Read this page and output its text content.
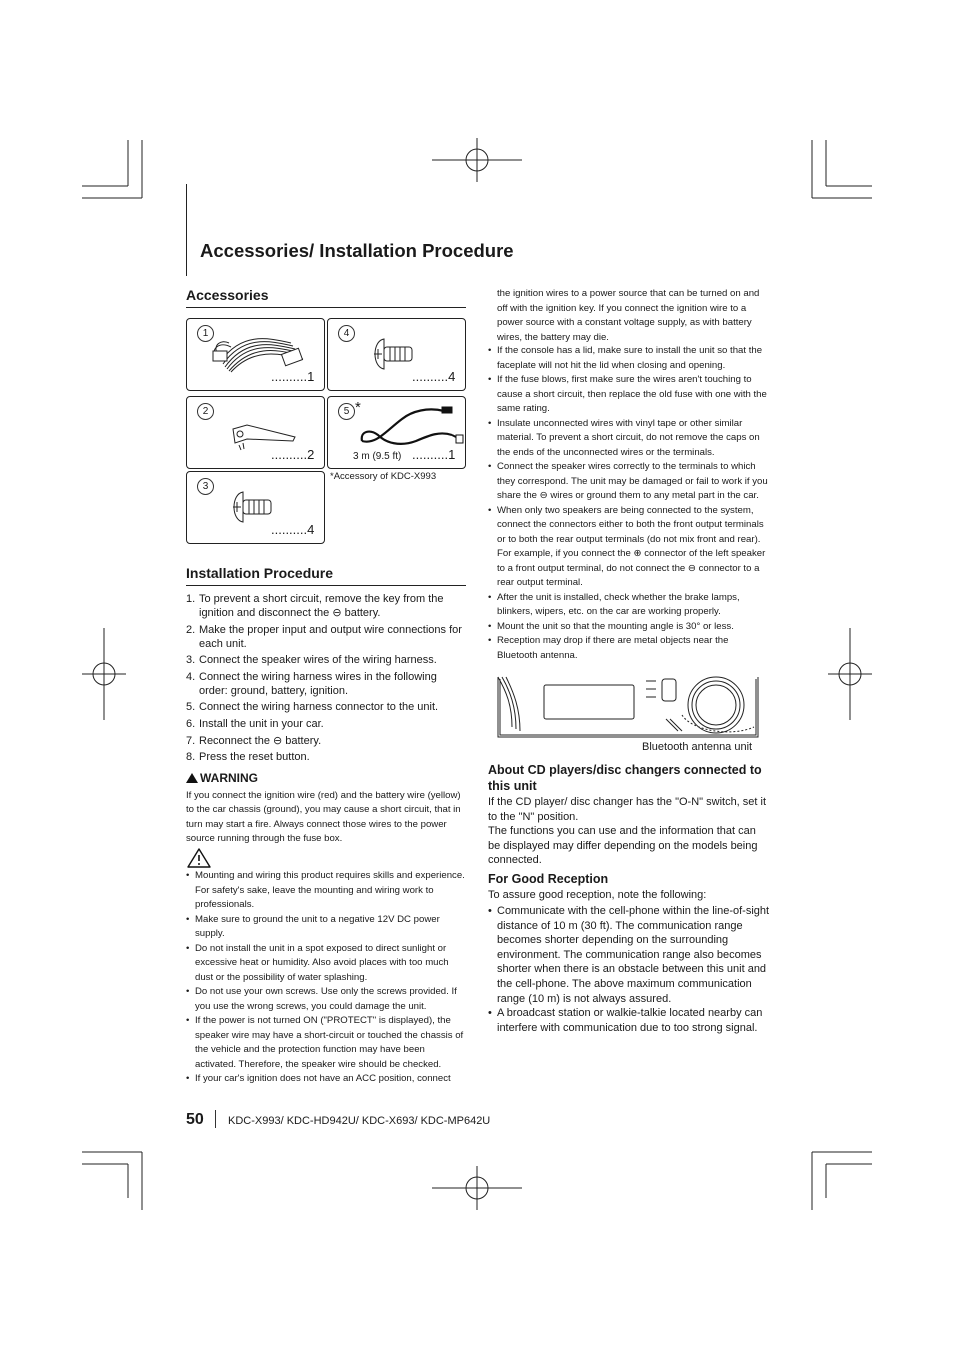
Accessories/ Installation Procedure
Accessories
1
..........1
4
..........4
2
..........2
5 *
3 m (9.5 ft) ..........1
3
..........4
*Accessory of KDC-X993
Installation Procedure
1. To prevent a short circuit, remove the key from the ignition and disconnect the ⊖ battery.
2. Make the proper input and output wire connections for each unit.
3. Connect the speaker wires of the wiring harness.
4. Connect the wiring harness wires in the following order: ground, battery, ignition.
5. Connect the wiring harness connector to the unit.
6. Install the unit in your car.
7. Reconnect the ⊖ battery.
8. Press the reset button.
WARNING

If you connect the ignition wire (red) and the battery wire (yellow) to the car chassis (ground), you may cause a short circuit, that in turn may start a fire. Always connect those wires to the power source running through the fuse box.

• Mounting and wiring this product requires skills and experience. For safety's sake, leave the mounting and wiring work to professionals.
• Make sure to ground the unit to a negative 12V DC power supply.
• Do not install the unit in a spot exposed to direct sunlight or excessive heat or humidity. Also avoid places with too much dust or the possibility of water splashing.
• Do not use your own screws. Use only the screws provided. If you use the wrong screws, you could damage the unit.
• If the power is not turned ON ("PROTECT" is displayed), the speaker wire may have a short-circuit or touched the chassis of the vehicle and the protection function may have been activated. Therefore, the speaker wire should be checked.
• If your car's ignition does not have an ACC position, connect

the ignition wires to a power source that can be turned on and off with the ignition key. If you connect the ignition wire to a power source with a constant voltage supply, as with battery wires, the battery may die.

• If the console has a lid, make sure to install the unit so that the faceplate will not hit the lid when closing and opening.
• If the fuse blows, first make sure the wires aren't touching to cause a short circuit, then replace the old fuse with one with the same rating.
• Insulate unconnected wires with vinyl tape or other similar material. To prevent a short circuit, do not remove the caps on the ends of the unconnected wires or the terminals.
• Connect the speaker wires correctly to the terminals to which they correspond. The unit may be damaged or fail to work if you share the ⊖ wires or ground them to any metal part in the car.
• When only two speakers are being connected to the system, connect the connectors either to both the front output terminals or to both the rear output terminals (do not mix front and rear). For example, if you connect the ⊕ connector of the left speaker to a front output terminal, do not connect the ⊖ connector to a rear output terminal.
• After the unit is installed, check whether the brake lamps, blinkers, wipers, etc. on the car are working properly.
• Mount the unit so that the mounting angle is 30° or less.
• Reception may drop if there are metal objects near the Bluetooth antenna.
Bluetooth antenna unit
About CD players/disc changers connected to this unit

If the CD player/ disc changer has the "O-N" switch, set it to the "N" position.

The functions you can use and the information that can be displayed may differ depending on the models being connected.

For Good Reception

To assure good reception, note the following:

• Communicate with the cell-phone within the line-of-sight distance of 10 m (30 ft). The communication range becomes shorter depending on the surrounding environment. The communication range also becomes shorter when there is an obstacle between this unit and the cell-phone. The above maximum communication range (10 m) is not always assured.
• A broadcast station or walkie-talkie located nearby can interfere with communication due to too strong signal.
50 KDC-X993/ KDC-HD942U/ KDC-X693/ KDC-MP642U
